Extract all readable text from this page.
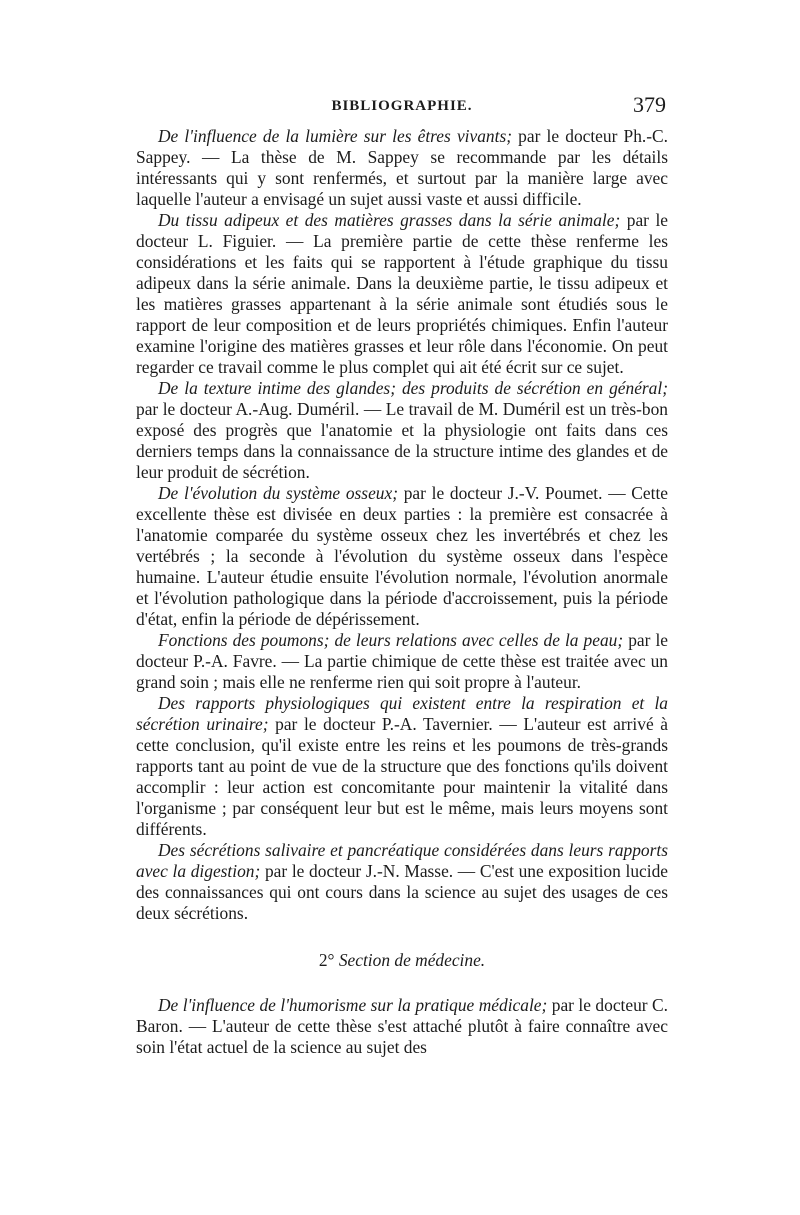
BIBLIOGRAPHIE.	379

De l'influence de la lumière sur les êtres vivants; par le docteur Ph.-C. Sappey. — La thèse de M. Sappey se recommande par les détails intéressants qui y sont renfermés, et surtout par la manière large avec laquelle l'auteur a envisagé un sujet aussi vaste et aussi difficile.

Du tissu adipeux et des matières grasses dans la série animale; par le docteur L. Figuier. — La première partie de cette thèse renferme les considérations et les faits qui se rapportent à l'étude graphique du tissu adipeux dans la série animale. Dans la deuxième partie, le tissu adipeux et les matières grasses appartenant à la série animale sont étudiés sous le rapport de leur composition et de leurs propriétés chimiques. Enfin l'auteur examine l'origine des matières grasses et leur rôle dans l'économie. On peut regarder ce travail comme le plus complet qui ait été écrit sur ce sujet.

De la texture intime des glandes; des produits de sécrétion en général; par le docteur A.-Aug. Duméril. — Le travail de M. Duméril est un très-bon exposé des progrès que l'anatomie et la physiologie ont faits dans ces derniers temps dans la connaissance de la structure intime des glandes et de leur produit de sécrétion.

De l'évolution du système osseux; par le docteur J.-V. Poumet. — Cette excellente thèse est divisée en deux parties : la première est consacrée à l'anatomie comparée du système osseux chez les invertébrés et chez les vertébrés ; la seconde à l'évolution du système osseux dans l'espèce humaine. L'auteur étudie ensuite l'évolution normale, l'évolution anormale et l'évolution pathologique dans la période d'accroissement, puis la période d'état, enfin la période de dépérissement.

Fonctions des poumons; de leurs relations avec celles de la peau; par le docteur P.-A. Favre. — La partie chimique de cette thèse est traitée avec un grand soin ; mais elle ne renferme rien qui soit propre à l'auteur.

Des rapports physiologiques qui existent entre la respiration et la sécrétion urinaire; par le docteur P.-A. Tavernier. — L'auteur est arrivé à cette conclusion, qu'il existe entre les reins et les poumons de très-grands rapports tant au point de vue de la structure que des fonctions qu'ils doivent accomplir : leur action est concomitante pour maintenir la vitalité dans l'organisme ; par conséquent leur but est le même, mais leurs moyens sont différents.

Des sécrétions salivaire et pancréatique considérées dans leurs rapports avec la digestion; par le docteur J.-N. Masse. — C'est une exposition lucide des connaissances qui ont cours dans la science au sujet des usages de ces deux sécrétions.

2° Section de médecine.

De l'influence de l'humorisme sur la pratique médicale; par le docteur C. Baron. — L'auteur de cette thèse s'est attaché plutôt à faire connaître avec soin l'état actuel de la science au sujet des
